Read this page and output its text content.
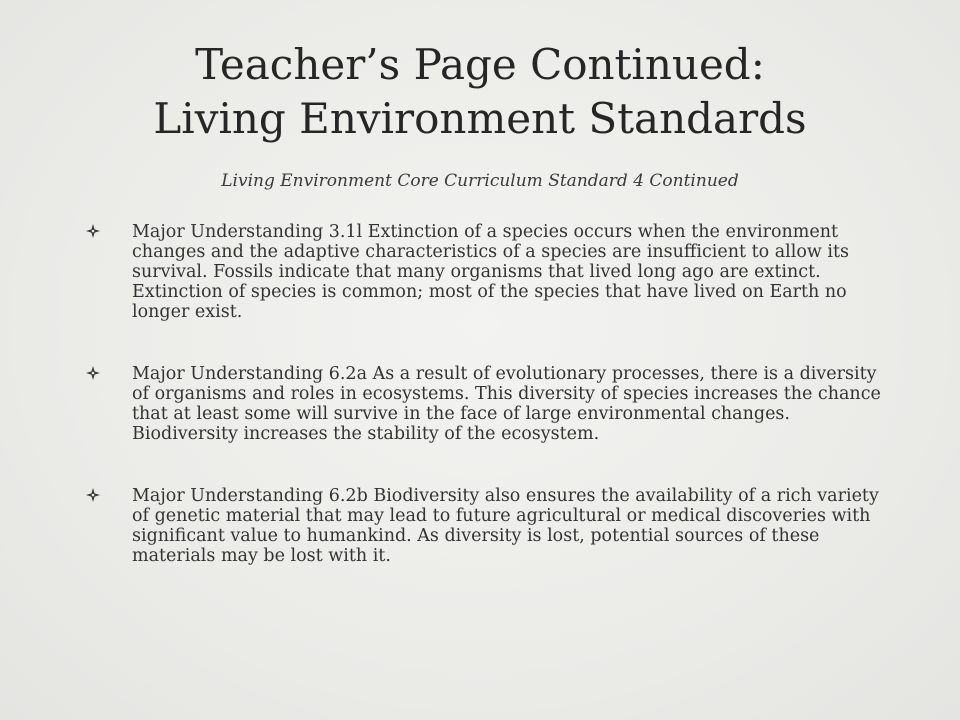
Teacher’s Page Continued:
Living Environment Standards

Living Environment Core Curriculum Standard 4 Continued

Major Understanding 3.1l Extinction of a species occurs when the environment changes and the adaptive characteristics of a species are insufficient to allow its survival. Fossils indicate that many organisms that lived long ago are extinct. Extinction of species is common; most of the species that have lived on Earth no longer exist.
Major Understanding 6.2a As a result of evolutionary processes, there is a diversity of organisms and roles in ecosystems. This diversity of species increases the chance that at least some will survive in the face of large environmental changes. Biodiversity increases the stability of the ecosystem.
Major Understanding 6.2b Biodiversity also ensures the availability of a rich variety of genetic material that may lead to future agricultural or medical discoveries with significant value to humankind. As diversity is lost, potential sources of these materials may be lost with it.
